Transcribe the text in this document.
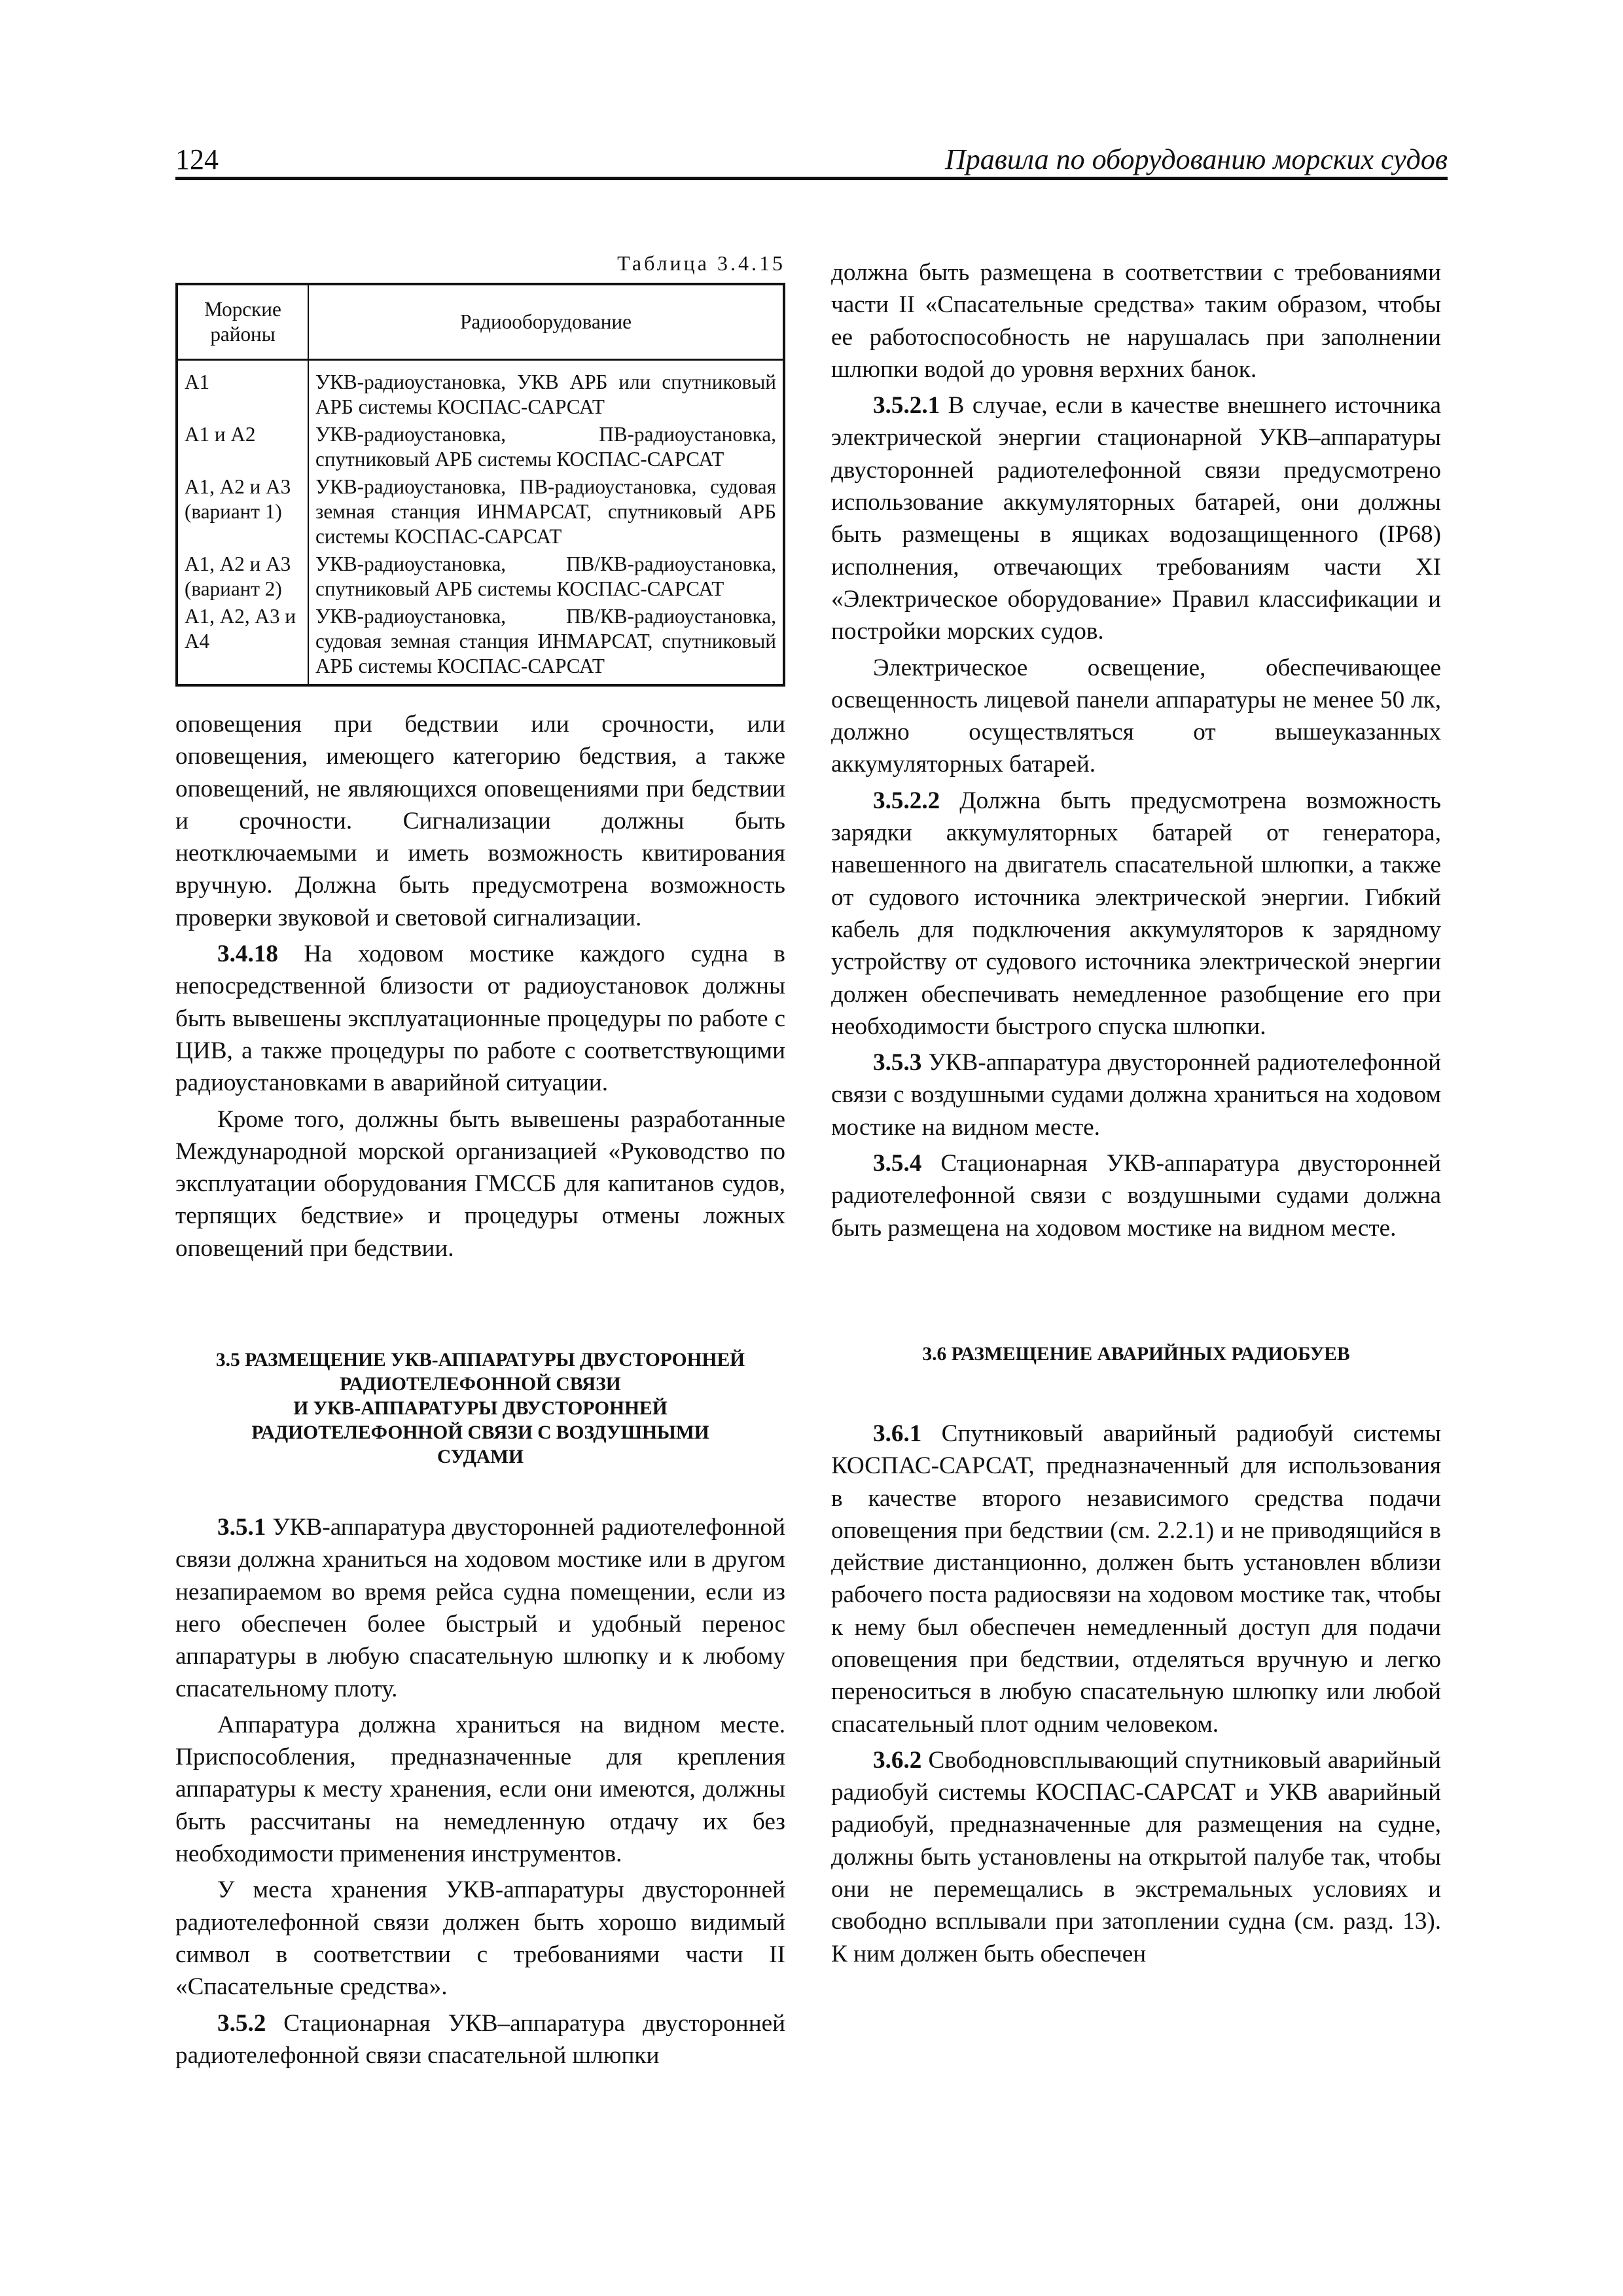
124	Правила по оборудованию морских судов
Таблица 3.4.15
Морские районы	Радиооборудование
А1	УКВ-радиоустановка, УКВ АРБ или спутниковый АРБ системы КОСПАС-САРСАТ
А1 и А2	УКВ-радиоустановка, ПВ-радиоустановка, спутниковый АРБ системы КОСПАС-САРСАТ
А1, А2 и А3 (вариант 1)	УКВ-радиоустановка, ПВ-радиоустановка, судовая земная станция ИНМАРСАТ, спутниковый АРБ системы КОСПАС-САРСАТ
А1, А2 и А3 (вариант 2)	УКВ-радиоустановка, ПВ/КВ-радиоустановка, спутниковый АРБ системы КОСПАС-САРСАТ
А1, А2, А3 и А4	УКВ-радиоустановка, ПВ/КВ-радиоустановка, судовая земная станция ИНМАРСАТ, спутниковый АРБ системы КОСПАС-САРСАТ

оповещения при бедствии или срочности, или оповещения, имеющего категорию бедствия, а также оповещений, не являющихся оповещениями при бедствии и срочности. Сигнализации должны быть неотключаемыми и иметь возможность квитирования вручную. Должна быть предусмотрена возможность проверки звуковой и световой сигнализации.

3.4.18 На ходовом мостике каждого судна в непосредственной близости от радиоустановок должны быть вывешены эксплуатационные процедуры по работе с ЦИВ, а также процедуры по работе с соответствующими радиоустановками в аварийной ситуации.

Кроме того, должны быть вывешены разработанные Международной морской организацией «Руководство по эксплуатации оборудования ГМССБ для капитанов судов, терпящих бедствие» и процедуры отмены ложных оповещений при бедствии.

3.5 РАЗМЕЩЕНИЕ УКВ-АППАРАТУРЫ ДВУСТОРОННЕЙ
РАДИОТЕЛЕФОННОЙ СВЯЗИ
И УКВ-АППАРАТУРЫ ДВУСТОРОННЕЙ
РАДИОТЕЛЕФОННОЙ СВЯЗИ С ВОЗДУШНЫМИ
СУДАМИ

3.5.1 УКВ-аппаратура двусторонней радиотелефонной связи должна храниться на ходовом мостике или в другом незапираемом во время рейса судна помещении, если из него обеспечен более быстрый и удобный перенос аппаратуры в любую спасательную шлюпку и к любому спасательному плоту.

Аппаратура должна храниться на видном месте. Приспособления, предназначенные для крепления аппаратуры к месту хранения, если они имеются, должны быть рассчитаны на немедленную отдачу их без необходимости применения инструментов.

У места хранения УКВ-аппаратуры двусторонней радиотелефонной связи должен быть хорошо видимый символ в соответствии с требованиями части II «Спасательные средства».

3.5.2 Стационарная УКВ–аппаратура двусторонней радиотелефонной связи спасательной шлюпки

должна быть размещена в соответствии с требованиями части II «Спасательные средства» таким образом, чтобы ее работоспособность не нарушалась при заполнении шлюпки водой до уровня верхних банок.

3.5.2.1 В случае, если в качестве внешнего источника электрической энергии стационарной УКВ–аппаратуры двусторонней радиотелефонной связи предусмотрено использование аккумуляторных батарей, они должны быть размещены в ящиках водозащищенного (IP68) исполнения, отвечающих требованиям части XI «Электрическое оборудование» Правил классификации и постройки морских судов.

Электрическое освещение, обеспечивающее освещенность лицевой панели аппаратуры не менее 50 лк, должно осуществляться от вышеуказанных аккумуляторных батарей.

3.5.2.2 Должна быть предусмотрена возможность зарядки аккумуляторных батарей от генератора, навешенного на двигатель спасательной шлюпки, а также от судового источника электрической энергии. Гибкий кабель для подключения аккумуляторов к зарядному устройству от судового источника электрической энергии должен обеспечивать немедленное разобщение его при необходимости быстрого спуска шлюпки.

3.5.3 УКВ-аппаратура двусторонней радиотелефонной связи с воздушными судами должна храниться на ходовом мостике на видном месте.

3.5.4 Стационарная УКВ-аппаратура двусторонней радиотелефонной связи с воздушными судами должна быть размещена на ходовом мостике на видном месте.

3.6 РАЗМЕЩЕНИЕ АВАРИЙНЫХ РАДИОБУЕВ

3.6.1 Спутниковый аварийный радиобуй системы КОСПАС-САРСАТ, предназначенный для использования в качестве второго независимого средства подачи оповещения при бедствии (см. 2.2.1) и не приводящийся в действие дистанционно, должен быть установлен вблизи рабочего поста радиосвязи на ходовом мостике так, чтобы к нему был обеспечен немедленный доступ для подачи оповещения при бедствии, отделяться вручную и легко переноситься в любую спасательную шлюпку или любой спасательный плот одним человеком.

3.6.2 Свободновсплывающий спутниковый аварийный радиобуй системы КОСПАС-САРСАТ и УКВ аварийный радиобуй, предназначенные для размещения на судне, должны быть установлены на открытой палубе так, чтобы они не перемещались в экстремальных условиях и свободно всплывали при затоплении судна (см. разд. 13). К ним должен быть обеспечен
